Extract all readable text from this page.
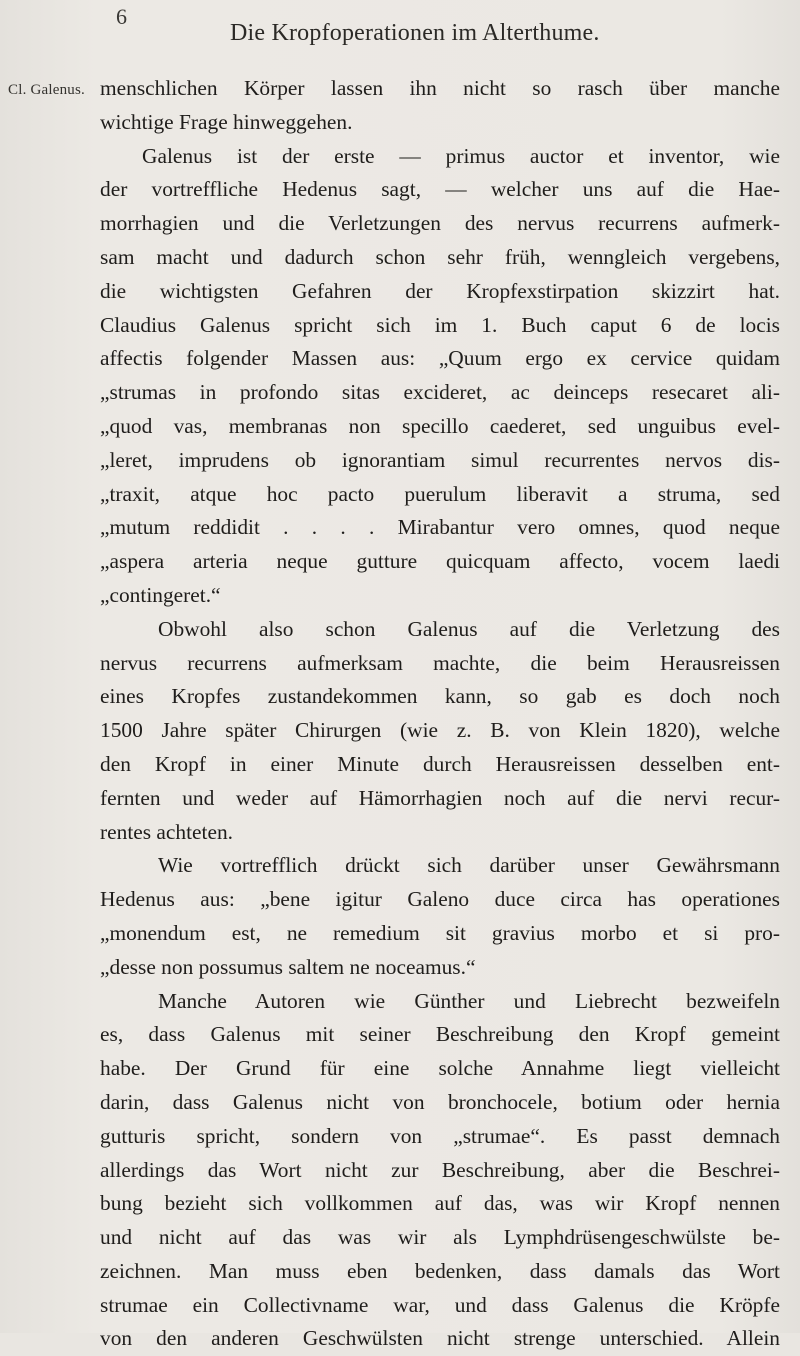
6
Die Kropfoperationen im Alterthume.
Cl. Galenus. menschlichen Körper lassen ihn nicht so rasch über manche
wichtige Frage hinweggehen.
Galenus ist der erste — primus auctor et inventor, wie
der vortreffliche Hedenus sagt, — welcher uns auf die Hae-
morrhagien und die Verletzungen des nervus recurrens aufmerk-
sam macht und dadurch schon sehr früh, wenngleich vergebens,
die wichtigsten Gefahren der Kropfexstirpation skizzirt hat.
Claudius Galenus spricht sich im 1. Buch caput 6 de locis
affectis folgender Massen aus: „Quum ergo ex cervice quidam
„strumas in profondo sitas excideret, ac deinceps resecaret ali-
„quod vas, membranas non specillo caederet, sed unguibus evel-
„leret, imprudens ob ignorantiam simul recurrentes nervos dis-
„traxit, atque hoc pacto puerulum liberavit a struma, sed
„mutum reddidit . . . . Mirabantur vero omnes, quod neque
„aspera arteria neque gutture quicquam affecto, vocem laedi
„contingeret.“
Obwohl also schon Galenus auf die Verletzung des
nervus recurrens aufmerksam machte, die beim Herausreissen
eines Kropfes zustandekommen kann, so gab es doch noch
1500 Jahre später Chirurgen (wie z. B. von Klein 1820), welche
den Kropf in einer Minute durch Herausreissen desselben ent-
fernten und weder auf Hämorrhagien noch auf die nervi recur-
rentes achteten.
Wie vortrefflich drückt sich darüber unser Gewährsmann
Hedenus aus: „bene igitur Galeno duce circa has operationes
„monendum est, ne remedium sit gravius morbo et si pro-
„desse non possumus saltem ne noceamus.“
Manche Autoren wie Günther und Liebrecht bezweifeln
es, dass Galenus mit seiner Beschreibung den Kropf gemeint
habe. Der Grund für eine solche Annahme liegt vielleicht
darin, dass Galenus nicht von bronchocele, botium oder hernia
gutturis spricht, sondern von „strumae“. Es passt demnach
allerdings das Wort nicht zur Beschreibung, aber die Beschrei-
bung bezieht sich vollkommen auf das, was wir Kropf nennen
und nicht auf das was wir als Lymphdrüsengeschwülste be-
zeichnen. Man muss eben bedenken, dass damals das Wort
strumae ein Collectivname war, und dass Galenus die Kröpfe
von den anderen Geschwülsten nicht strenge unterschied. Allein
